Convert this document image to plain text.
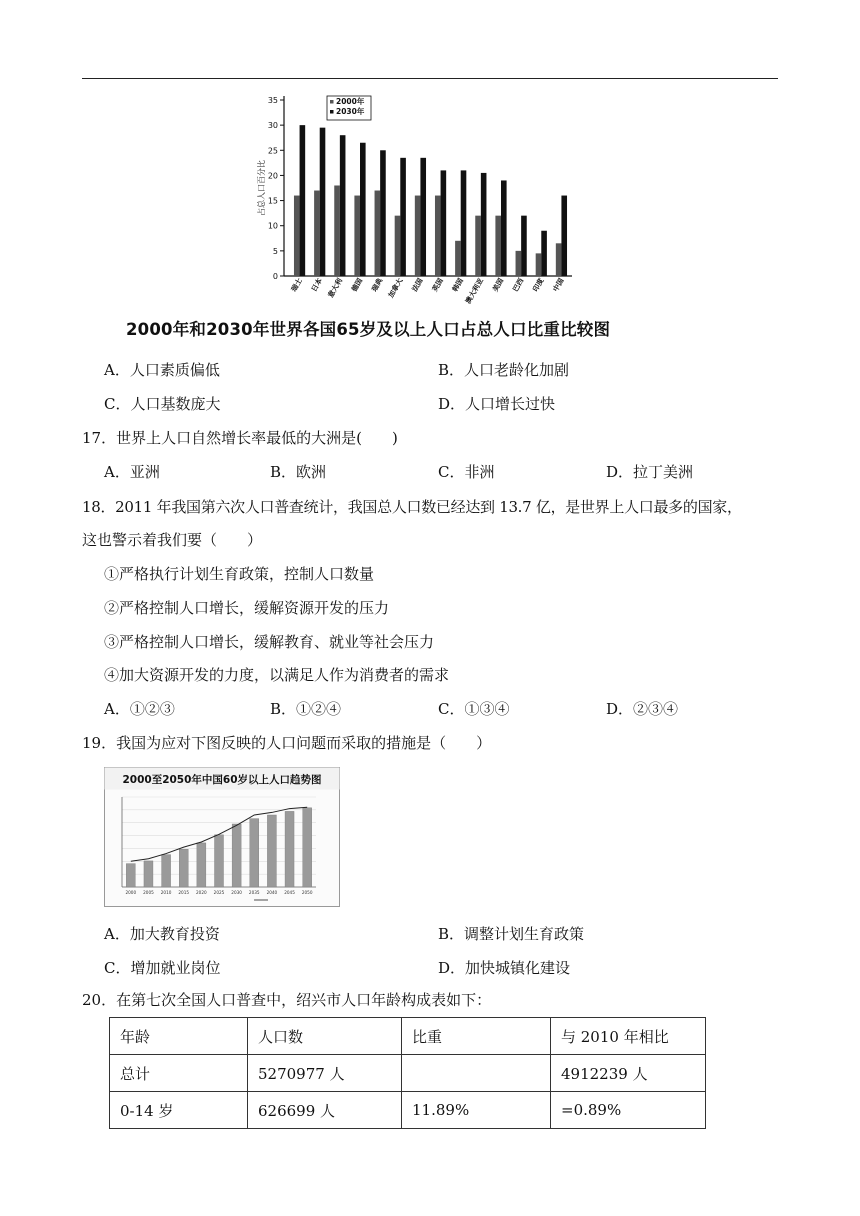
0
5
10
15
20
25
30
35
占总人口百分比
瑞士 日本 意大利 德国 瑞典 加拿大 法国 英国 韩国 澳大利亚 美国 巴西 印度 中国
2000年
2030年
2000年和2030年世界各国65岁及以上人口占总人口比重比较图
A．人口素质偏低	B．人口老龄化加剧
C．人口基数庞大	D．人口增长过快
17．世界上人口自然增长率最低的大洲是(　　)
A．亚洲	B．欧洲	C．非洲	D．拉丁美洲
18．2011 年我国第六次人口普查统计，我国总人口数已经达到 13.7 亿，是世界上人口最多的国家，
这也警示着我们要（　　）
①严格执行计划生育政策，控制人口数量
②严格控制人口增长，缓解资源开发的压力
③严格控制人口增长，缓解教育、就业等社会压力
④加大资源开发的力度，以满足人作为消费者的需求
A．①②③	B．①②④	C．①③④	D．②③④
19．我国为应对下图反映的人口问题而采取的措施是（　　）
2000至2050年中国60岁以上人口趋势图
2000 2005 2010 2015 2020 2025 2030 2035 2040 2045 2050
A．加大教育投资	B．调整计划生育政策
C．增加就业岗位	D．加快城镇化建设
20．在第七次全国人口普查中，绍兴市人口年龄构成表如下：
年龄	人口数	比重	与 2010 年相比
总计	5270977 人		4912239 人
0-14 岁	626699 人	11.89%	=0.89%
